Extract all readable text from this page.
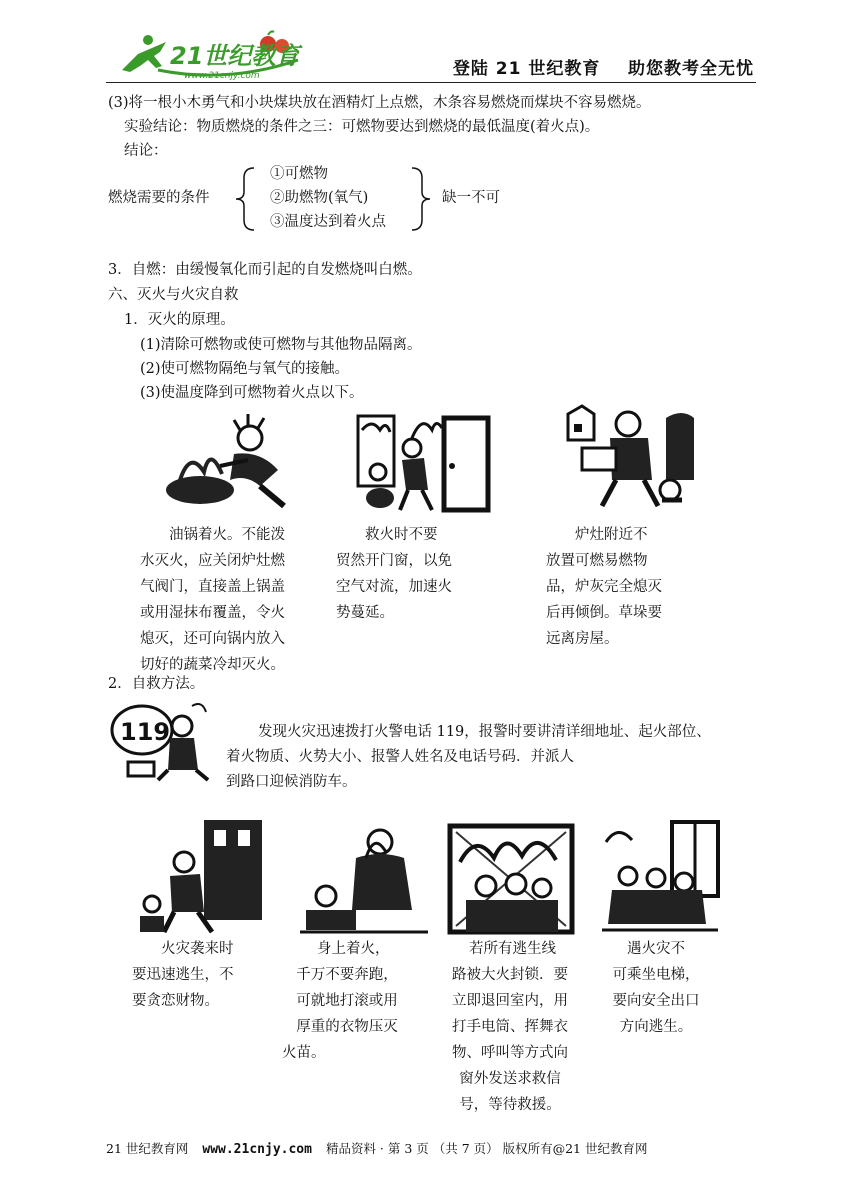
21世纪教育
www.21cnjy.com	登陆 21 世纪教育    助您教考全无忧
(3)将一根小木勇气和小块煤块放在酒精灯上点燃，木条容易燃烧而煤块不容易燃烧。
实验结论：物质燃烧的条件之三：可燃物要达到燃烧的最低温度(着火点)。
结论：
燃烧需要的条件
①可燃物
②助燃物(氧气)
③温度达到着火点
缺一不可
3．自燃：由缓慢氧化而引起的自发燃烧叫白燃。
六、灭火与火灾自救
1．灭火的原理。
(1)清除可燃物或使可燃物与其他物品隔离。
(2)使可燃物隔绝与氧气的接触。
(3)使温度降到可燃物着火点以下。
　　油锅着火。不能泼
水灭火，应关闭炉灶燃
气阀门，直接盖上锅盖
或用湿抹布覆盖，令火
熄灭，还可向锅内放入
切好的蔬菜冷却灭火。
　　救火时不要
贸然开门窗，以免
空气对流，加速火
势蔓延。
　　炉灶附近不
放置可燃易燃物
品，炉灰完全熄灭
后再倾倒。草垛要
远离房屋。
2．自救方法。
119	发现火灾迅速拨打火警电话 119，报警时要讲清详细地址、起火部位、
着火物质、火势大小、报警人姓名及电话号码．并派人
到路口迎候消防车。
　　火灾袭来时
要迅速逃生，不
要贪恋财物。
　　身上着火，
千万不要奔跑，
可就地打滚或用
厚重的衣物压灭
火苗。
　　若所有逃生线
路被大火封锁．要
立即退回室内，用
打手电筒、挥舞衣
物、呼叫等方式向
窗外发送求救信
号，等待救援。
　　遇火灾不
可乘坐电梯，
要向安全出口
方向逃生。
21 世纪教育网 www.21cnjy.com 精品资料 · 第 3 页 （共 7 页） 版权所有@21 世纪教育网
